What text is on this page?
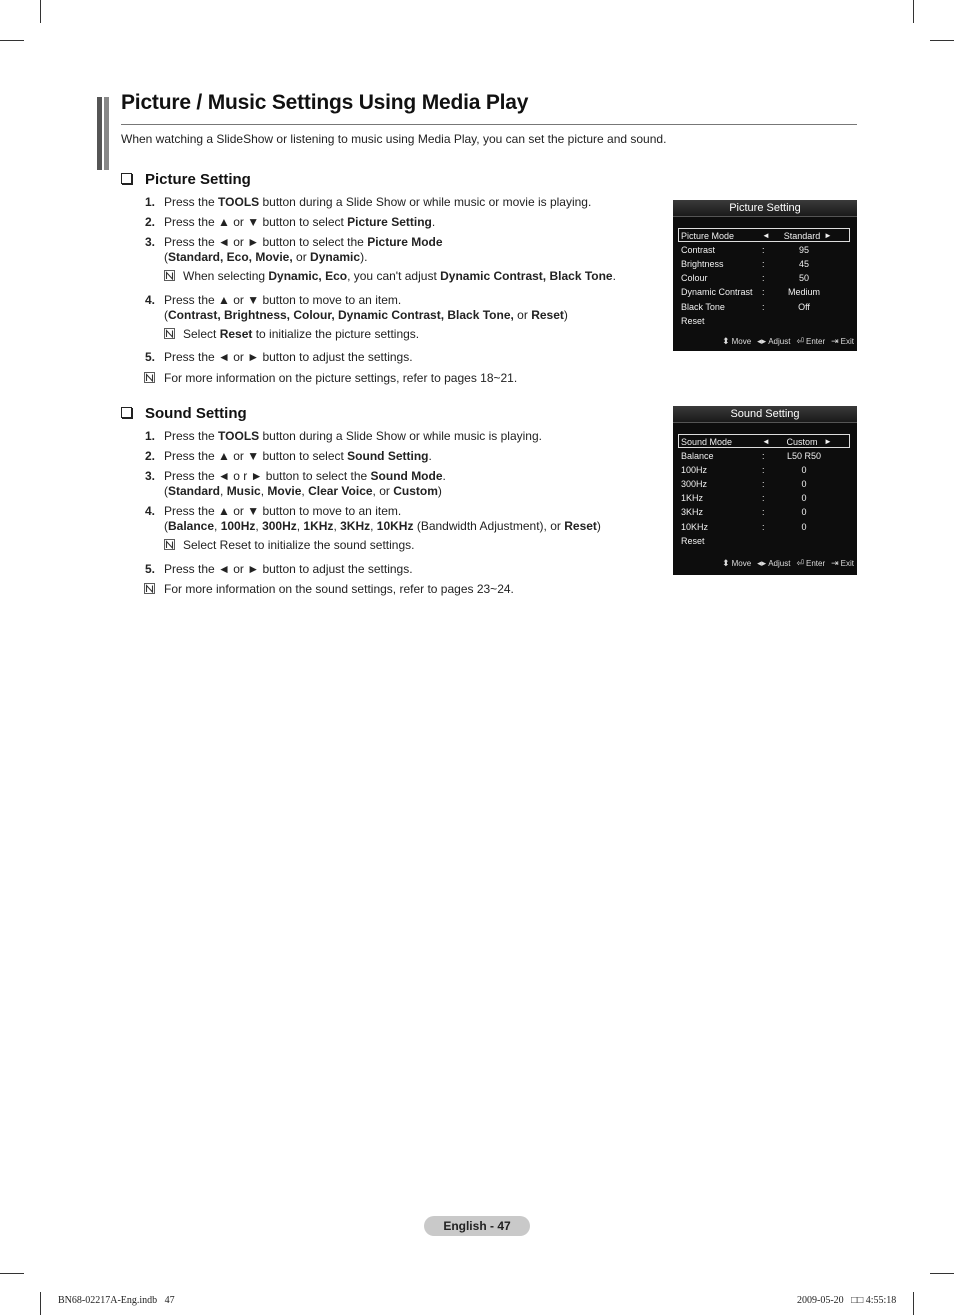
Picture / Music Settings Using Media Play
When watching a SlideShow or listening to music using Media Play, you can set the picture and sound.
Picture Setting
1. Press the TOOLS button during a Slide Show or while music or movie is playing.
2. Press the ▲ or ▼ button to select Picture Setting.
3. Press the ◄ or ► button to select the Picture Mode
(Standard, Eco, Movie, or Dynamic).
When selecting Dynamic, Eco, you can't adjust Dynamic Contrast, Black Tone.
4. Press the ▲ or ▼ button to move to an item.
(Contrast, Brightness, Colour, Dynamic Contrast, Black Tone, or Reset)
Select Reset to initialize the picture settings.
5. Press the ◄ or ► button to adjust the settings.
For more information on the picture settings, refer to pages 18~21.
Sound Setting
1. Press the TOOLS button during a Slide Show or while music is playing.
2. Press the ▲ or ▼ button to select Sound Setting.
3. Press the ◄ o r ► button to select the Sound Mode.
(Standard, Music, Movie, Clear Voice, or Custom)
4. Press the ▲ or ▼ button to move to an item.
(Balance, 100Hz, 300Hz, 1KHz, 3KHz, 10KHz (Bandwidth Adjustment), or Reset)
Select Reset to initialize the sound settings.
5. Press the ◄ or ► button to adjust the settings.
For more information on the sound settings, refer to pages 23~24.
Picture Setting
Picture Mode	◄	Standard ►
Contrast	:	95
Brightness	:	45
Colour	:	50
Dynamic Contrast :	Medium
Black Tone	:	Off
Reset
⬍ Move ◂▸ Adjust ⏎ Enter ⇥ Exit
Sound Setting
Sound Mode	◄	Custom ►
Balance	:	L50 R50
100Hz	:	0
300Hz	:	0
1KHz	:	0
3KHz	:	0
10KHz	:	0
Reset
⬍ Move ◂▸ Adjust ⏎ Enter ⇥ Exit
English - 47
BN68-02217A-Eng.indb   47	2009-05-20   □□ 4:55:18
